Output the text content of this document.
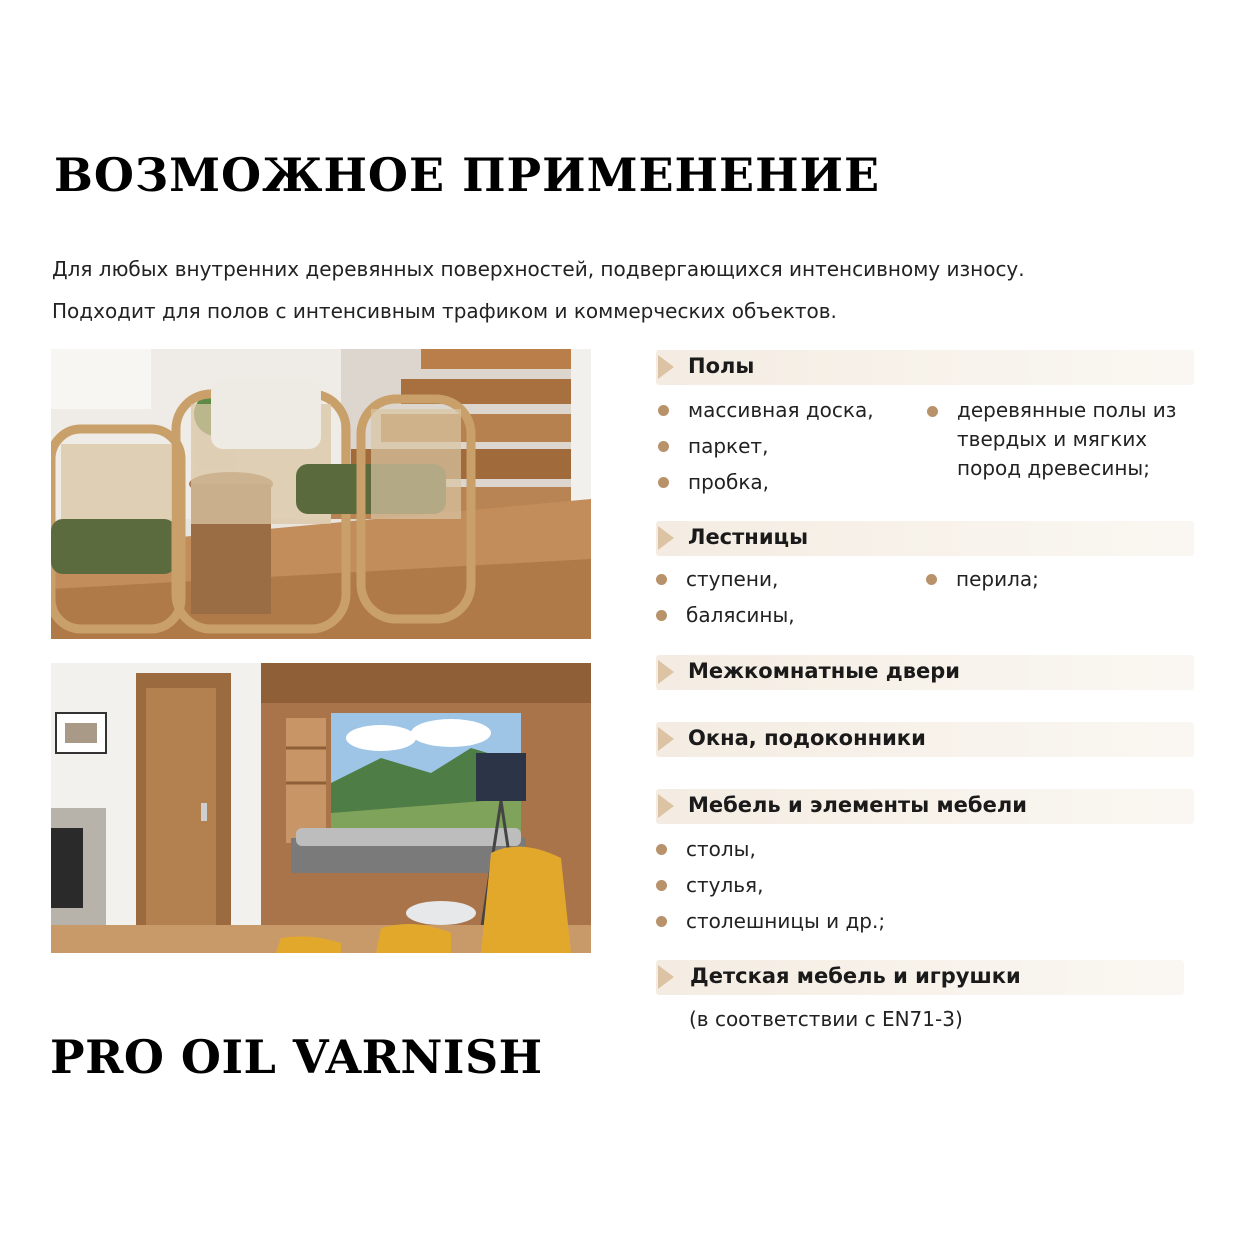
ВОЗМОЖНОЕ ПРИМЕНЕНИЕ

Для любых внутренних деревянных поверхностей, подвергающихся интенсивному износу.

Подходит для полов с интенсивным трафиком и коммерческих объектов.

PRO OIL VARNISH
Полы
массивная доска,
паркет,
пробка,
деревянные полы из твердых и мягких пород древесины;
Лестницы
ступени,
балясины,
перила;
Межкомнатные двери
Окна, подоконники
Мебель и элементы мебели
столы,
стулья,
столешницы и др.;
Детская мебель и игрушки
(в соответствии с EN71-3)
